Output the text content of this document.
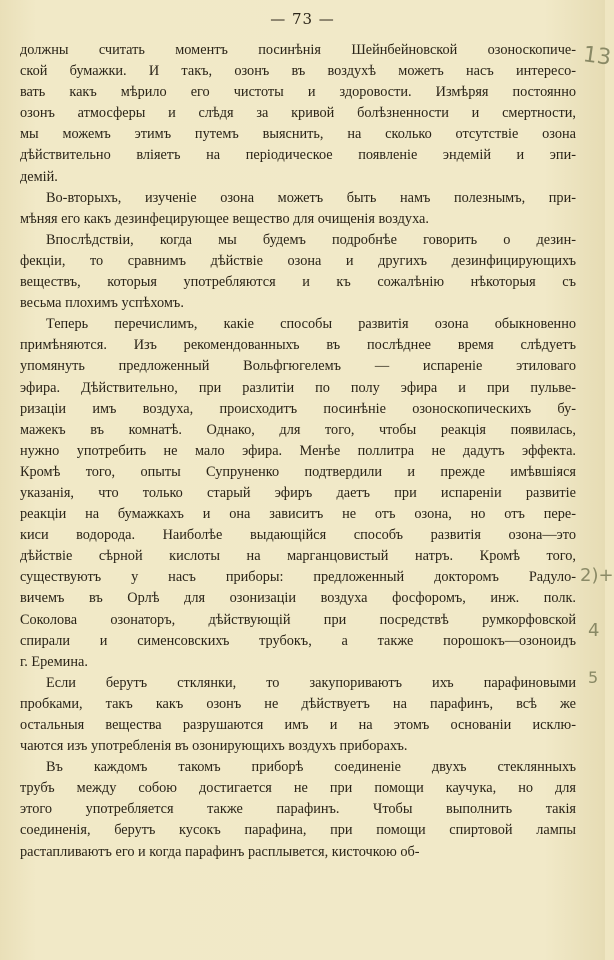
— 73 —
должны считать моментъ посинѣнія Шейнбейновской озоноскопиче-
ской бумажки. И такъ, озонъ въ воздухѣ можетъ насъ интересо-
вать какъ мѣрило его чистоты и здоровости. Измѣряя постоянно
озонъ атмосферы и слѣдя за кривой болѣзненности и смертности,
мы можемъ этимъ путемъ выяснить, на сколько отсутствіе озона
дѣйствительно вліяетъ на періодическое появленіе эндемій и эпи-
демій.
Во-вторыхъ, изученіе озона можетъ быть намъ полезнымъ, при-
мѣняя его какъ дезинфецирующее вещество для очищенія воздуха.
Впослѣдствіи, когда мы будемъ подробнѣе говорить о дезин-
фекціи, то сравнимъ дѣйствіе озона и другихъ дезинфицирующихъ
веществъ, которыя употребляются и къ сожалѣнію нѣкоторыя съ
весьма плохимъ успѣхомъ.
Теперь перечислимъ, какіе способы развитія озона обыкновенно
примѣняются. Изъ рекомендованныхъ въ послѣднее время слѣдуетъ
упомянуть предложенный Вольфгюгелемъ — испареніе этиловаго
эфира. Дѣйствительно, при разлитіи по полу эфира и при пульве-
ризаціи имъ воздуха, происходитъ посинѣніе озоноскопическихъ бу-
мажекъ въ комнатѣ. Однако, для того, чтобы реакція появилась,
нужно употребить не мало эфира. Менѣе поллитра не дадутъ эффекта.
Кромѣ того, опыты Супруненко подтвердили и прежде имѣвшіяся
указанія, что только старый эфиръ даетъ при испареніи развитіе
реакціи на бумажкахъ и она зависитъ не отъ озона, но отъ пере-
киси водорода. Наиболѣе выдающійся способъ развитія озона—это
дѣйствіе сѣрной кислоты на марганцовистый натръ. Кромѣ того,
существуютъ у насъ приборы: предложенный докторомъ Радуло-
вичемъ въ Орлѣ для озонизаціи воздуха фосфоромъ, инж. полк.
Соколова озонаторъ, дѣйствующій при посредствѣ румкорфовской
спирали и сименсовскихъ трубокъ, а также порошокъ—озоноидъ
г. Еремина.
Если берутъ стклянки, то закупориваютъ ихъ парафиновыми
пробками, такъ какъ озонъ не дѣйствуетъ на парафинъ, всѣ же
остальныя вещества разрушаются имъ и на этомъ основаніи исклю-
чаются изъ употребленія въ озонирующихъ воздухъ приборахъ.
Въ каждомъ такомъ приборѣ соединеніе двухъ стеклянныхъ
трубъ между собою достигается не при помощи каучука, но для
этого употребляется также парафинъ. Чтобы выполнить такія
соединенія, берутъ кусокъ парафина, при помощи спиртовой лампы
растапливаютъ его и когда парафинъ расплывется, кисточкою об-
13
2)+
4
5
